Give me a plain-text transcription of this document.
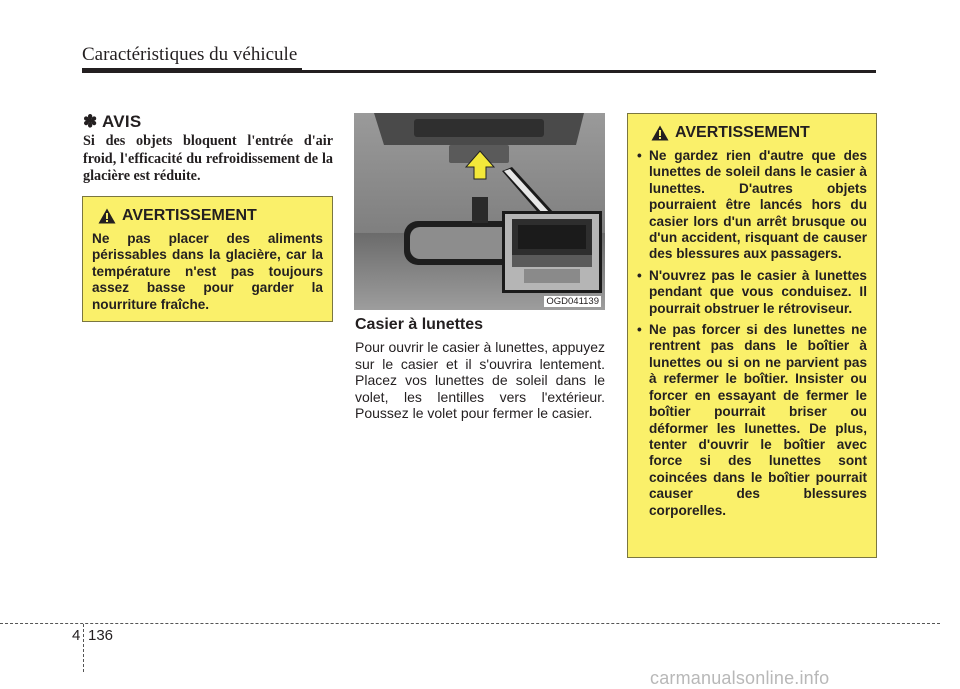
Caractéristiques du véhicule
✽ AVIS
Si des objets bloquent l'entrée d'air froid, l'efficacité du refroidissement de la glacière est réduite.
AVERTISSEMENT
Ne pas placer des aliments périssables dans la glacière, car la température n'est pas toujours assez basse pour garder la nourriture fraîche.	OGD041139
Casier à lunettes
Pour ouvrir le casier à lunettes, appuyez sur le casier et il s'ouvrira lentement. Placez vos lunettes de soleil dans le volet, les lentilles vers l'extérieur. Poussez le volet pour fermer le casier.
AVERTISSEMENT
• Ne gardez rien d'autre que des lunettes de soleil dans le casier à lunettes. D'autres objets pourraient être lancés hors du casier lors d'un arrêt brusque ou d'un accident, risquant de causer des blessures aux passagers.
• N'ouvrez pas le casier à lunettes pendant que vous conduisez. Il pourrait obstruer le rétroviseur.
• Ne pas forcer si des lunettes ne rentrent pas dans le boîtier à lunettes ou si on ne parvient pas à refermer le boîtier. Insister ou forcer en essayant de fermer le boîtier pourrait briser ou déformer les lunettes. De plus, tenter d'ouvrir le boîtier avec force si des lunettes sont coincées dans le boîtier pourrait causer des blessures corporelles.
4 136
carmanualsonline.info
